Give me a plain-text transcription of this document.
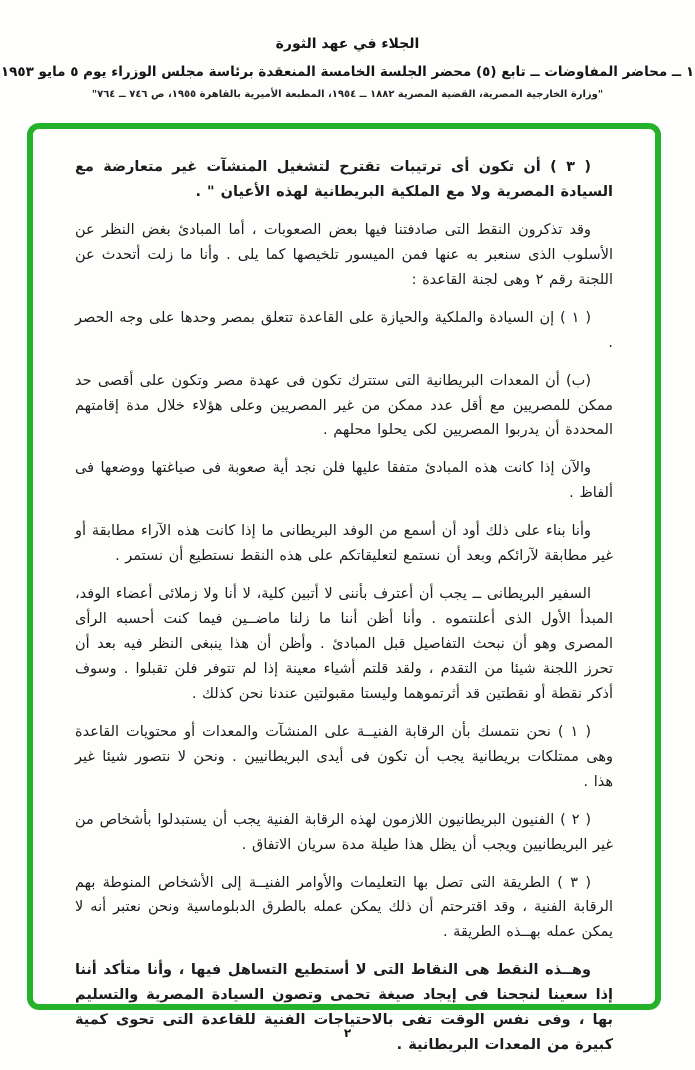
الجلاء في عهد الثورة

١ ــ محاضر المفاوضات ــ تابع (٥) محضر الجلسة الخامسة المنعقدة برئاسة مجلس الوزراء يوم ٥ مايو ١٩٥٣

"وزارة الخارجية المصرية، القضية المصرية ١٨٨٢ ــ ١٩٥٤، المطبعة الأميرية بالقاهرة ١٩٥٥، ص ٧٤٦ ــ ٧٦٤"

( ٣ ) أن تكون أى ترتيبات تقترح لتشغيل المنشآت غير متعارضة مع السيادة المصرية ولا مع الملكية البريطانية لهذه الأعيان " .

وقد تذكرون النقط التى صادفتنا فيها بعض الصعوبات ، أما المبادئ بغض النظر عن الأسلوب الذى سنعبر به عنها فمن الميسور تلخيصها كما يلى . وأنا ما زلت أتحدث عن اللجنة رقم ٢ وهى لجنة القاعدة :

( ١ ) إن السيادة والملكية والحيازة على القاعدة تتعلق بمصر وحدها على وجه الحصر .

(ب) أن المعدات البريطانية التى ستترك تكون فى عهدة مصر وتكون على أقصى حد ممكن للمصريين مع أقل عدد ممكن من غير المصريين وعلى هؤلاء خلال مدة إقامتهم المحددة أن يدربوا المصريين لكى يحلوا محلهم .

والآن إذا كانت هذه المبادئ متفقا عليها فلن نجد أية صعوبة فى صياغتها ووضعها فى ألفاظ .

وأنا بناء على ذلك أود أن أسمع من الوفد البريطانى ما إذا كانت هذه الآراء مطابقة أو غير مطابقة لآرائكم وبعد أن نستمع لتعليقاتكم على هذه النقط نستطيع أن نستمر .

السفير البريطانى ــ يجب أن أعترف بأننى لا أتبين كلية، لا أنا ولا زملائى أعضاء الوفد، المبدأ الأول الذى أعلنتموه . وأنا أظن أننا ما زلنا ماضــين فيما كنت أحسبه الرأى المصرى وهو أن نبحث التفاصيل قبل المبادئ . وأظن أن هذا ينبغى النظر فيه بعد أن تحرز اللجنة شيئا من التقدم ، ولقد قلتم أشياء معينة إذا لم تتوفر فلن تقبلوا . وسوف أذكر نقطة أو نقطتين قد أثرتموهما وليستا مقبولتين عندنا نحن كذلك .

( ١ ) نحن نتمسك بأن الرقابة الفنيــة على المنشآت والمعدات أو محتويات القاعدة وهى ممتلكات بريطانية يجب أن تكون فى أيدى البريطانيين . ونحن لا نتصور شيئا غير هذا .

( ٢ ) الفنيون البريطانيون اللازمون لهذه الرقابة الفنية يجب أن يستبدلوا بأشخاص من غير البريطانيين ويجب أن يظل هذا طيلة مدة سريان الاتفاق .

( ٣ ) الطريقة التى تصل بها التعليمات والأوامر الفنيــة إلى الأشخاص المنوطة بهم الرقابة الفنية ، وقد اقترحتم أن ذلك يمكن عمله بالطرق الدبلوماسية ونحن نعتبر أنه لا يمكن عمله بهــذه الطريقة .

وهــذه النقط هى النقاط التى لا أستطيع التساهل فيها ، وأنا متأكد أننا إذا سعينا لنجحنا فى إيجاد صيغة تحمى وتصون السيادة المصرية والتسليم بها ، وفى نفس الوقت تفى بالاحتياجات الفنية للقاعدة التى تحوى كمية كبيرة من المعدات البريطانية .

٢
